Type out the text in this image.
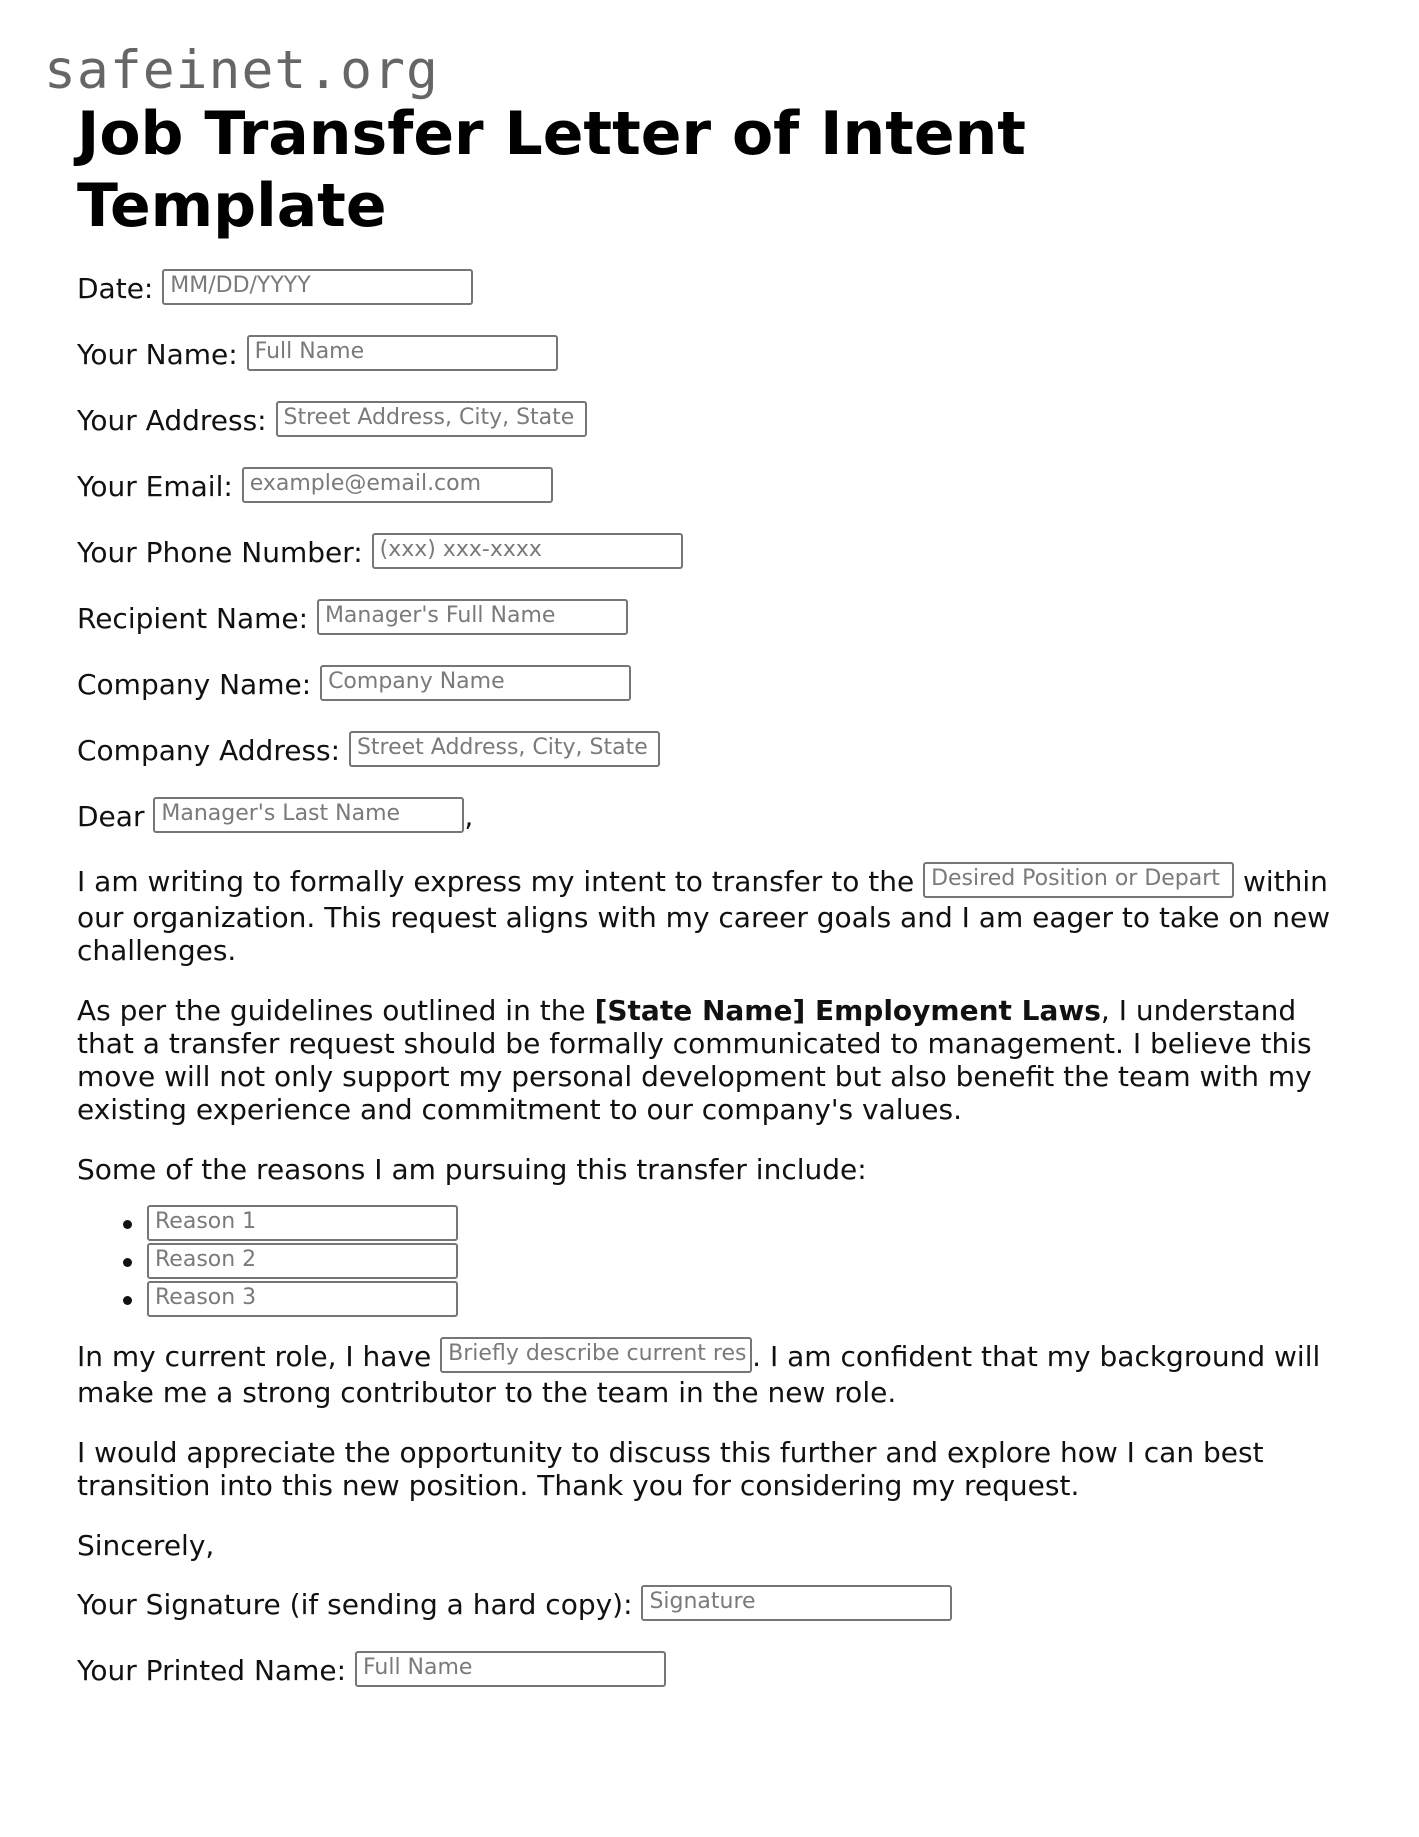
safeinet.org
Job Transfer Letter of Intent Template
Date: MM/DD/YYYY
Your Name: Full Name
Your Address: Street Address, City, State
Your Email: example@email.com
Your Phone Number: (xxx) xxx-xxxx
Recipient Name: Manager's Full Name
Company Name: Company Name
Company Address: Street Address, City, State
Dear Manager's Last Name ,

I am writing to formally express my intent to transfer to the Desired Position or Depart within our organization. This request aligns with my career goals and I am eager to take on new challenges.

As per the guidelines outlined in the [State Name] Employment Laws, I understand that a transfer request should be formally communicated to management. I believe this move will not only support my personal development but also benefit the team with my existing experience and commitment to our company's values.

Some of the reasons I am pursuing this transfer include:

• Reason 1
• Reason 2
• Reason 3

In my current role, I have Briefly describe current res . I am confident that my background will make me a strong contributor to the team in the new role.

I would appreciate the opportunity to discuss this further and explore how I can best transition into this new position. Thank you for considering my request.

Sincerely,

Your Signature (if sending a hard copy): Signature
Your Printed Name: Full Name
